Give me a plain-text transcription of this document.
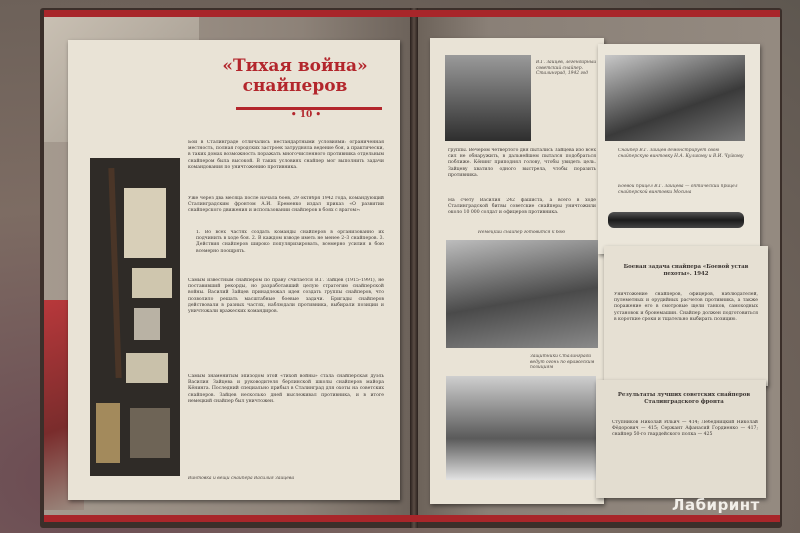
«Тихая война» снайперов
• 10 •
Винтовка и вещи снайпера Василия Зайцева
Бои в Сталинграде отличались нестандартными условиями: ограниченная местность, полная городских застроек затрудняла ведение боя, а практически, в таких домах возможность поражать многочисленного противника отдельным снайпером была высокой. В таких условиях снайпер мог выполнить задачи командования по уничтожению противника.
Уже через два месяца после начала боев, 29 октября 1942 года, командующий Сталинградским фронтом А.И. Еременко издал приказ «О развитии снайперского движения и использовании снайперов в боях с врагом»:
1. Во всех частях создать команды снайперов в организованно их подчинить в ходе боя. 2. В каждом взводе иметь не менее 2–3 снайперов. 3. Действия снайперов широко популяризировать, всемерно усилия в бою всемерно поощрять.
Самым известным снайпером по праву считается В.Г. Зайцев (1915–1991), не поставивший рекорды, но разработавший целую стратегию снайперской войны. Василий Зайцев принадлежал идея создать группы снайперов, что позволило решать масштабные боевые задачи. Бригады снайперов действовали в разных частях, наблюдали противника, выбирали позиции и уничтожали вражеских командиров.
Самым знаменитым эпизодом этой «тихой войны» стала снайперская дуэль Василия Зайцева и руководителя берлинской школы снайперов майора Кёнинга. Последний специально прибыл в Сталинград для охоты на советских снайперов. Зайцев несколько дней выслеживал противника, и в итоге немецкий снайпер был уничтожен.
В.Г. Зайцев, легендарный советский снайпер. Сталинград, 1942 год
Снайпер В.Г. Зайцев демонстрирует свою снайперскую винтовку Н.А. Куликову и В.И. Чуйкову
группы. Вечером четвертого дня пытались Зайцева изо всех сил не обнаружить, в дальнейшем пытался подобраться поближе. Кёнинг приподнял голову, чтобы увидеть цель. Зайцеву хватило одного выстрела, чтобы поразить противника.
На счету Василия 242 фашиста, а всего в ходе Сталинградской битвы советские снайперы уничтожили около 10 000 солдат и офицеров противника.
Боевой прицел В.Г. Зайцева — оптический прицел снайперской винтовки Мосина
Немецкий снайпер готовится к бою
Защитники Сталинграда ведут огонь по вражеским позициям
Боевая задача снайпера «Боевой устав пехоты». 1942
Уничтожение снайперов, офицеров, наблюдателей, пулеметных и орудийных расчетов противника, а также поражение его в смотровые щели танков, самоходных установок и бронемашин. Снайпер должен подготовиться в короткие сроки и тщательно выбирать позицию.
Результаты лучших советских снайперов Сталинградского фронта
Ступников Николай Ильич — 414; Лебедницкий Николай Фёдорович — 415; Сержант Афанасий Гордиенко — 417; снайпер 50-го гвардейского полка — 425
Лабиринт
